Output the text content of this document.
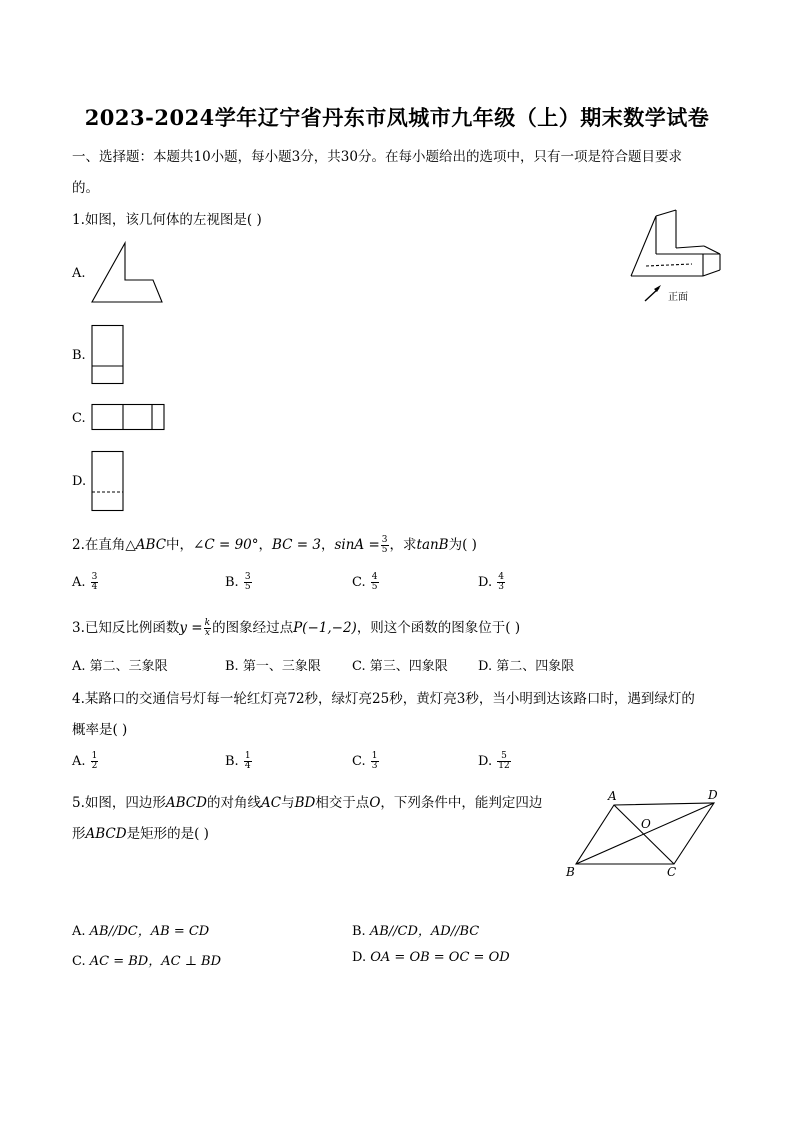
2023-2024学年辽宁省丹东市凤城市九年级（上）期末数学试卷
一、选择题：本题共10小题，每小题3分，共30分。在每小题给出的选项中，只有一项是符合题目要求
的。
1.如图，该几何体的左视图是( )
正面
A.
B.
C.
D.
2.在直角△ABC中，∠C = 90°，BC = 3，$\sin A = \frac{3}{5}$ ，求tanB为( )
A. $\frac{3}{4}$	B. $\frac{3}{5}$	C. $\frac{4}{5}$	D. $\frac{4}{3}$
3.已知反比例函数$y = \frac{k}{x}$ 的图象经过点P(−1,−2)，则这个函数的图象位于( )
A. 第二、三象限	B. 第一、三象限 C. 第三、四象限 D. 第二、四象限
4.某路口的交通信号灯每一轮红灯亮72秒，绿灯亮25秒，黄灯亮3秒，当小明到达该路口时，遇到绿灯的
概率是( )
A. $\frac{1}{2}$	B. $\frac{1}{4}$	C. $\frac{1}{3}$	D. $\frac{5}{12}$
5.如图，四边形ABCD的对角线AC与BD相交于点O，下列条件中，能判定四边
形ABCD是矩形的是( )
A	D
O
B	C
A. AB//DC，AB = CD	B. AB//CD，AD//BC
C. AC = BD，AC ⊥ BD	D. OA = OB = OC = OD
